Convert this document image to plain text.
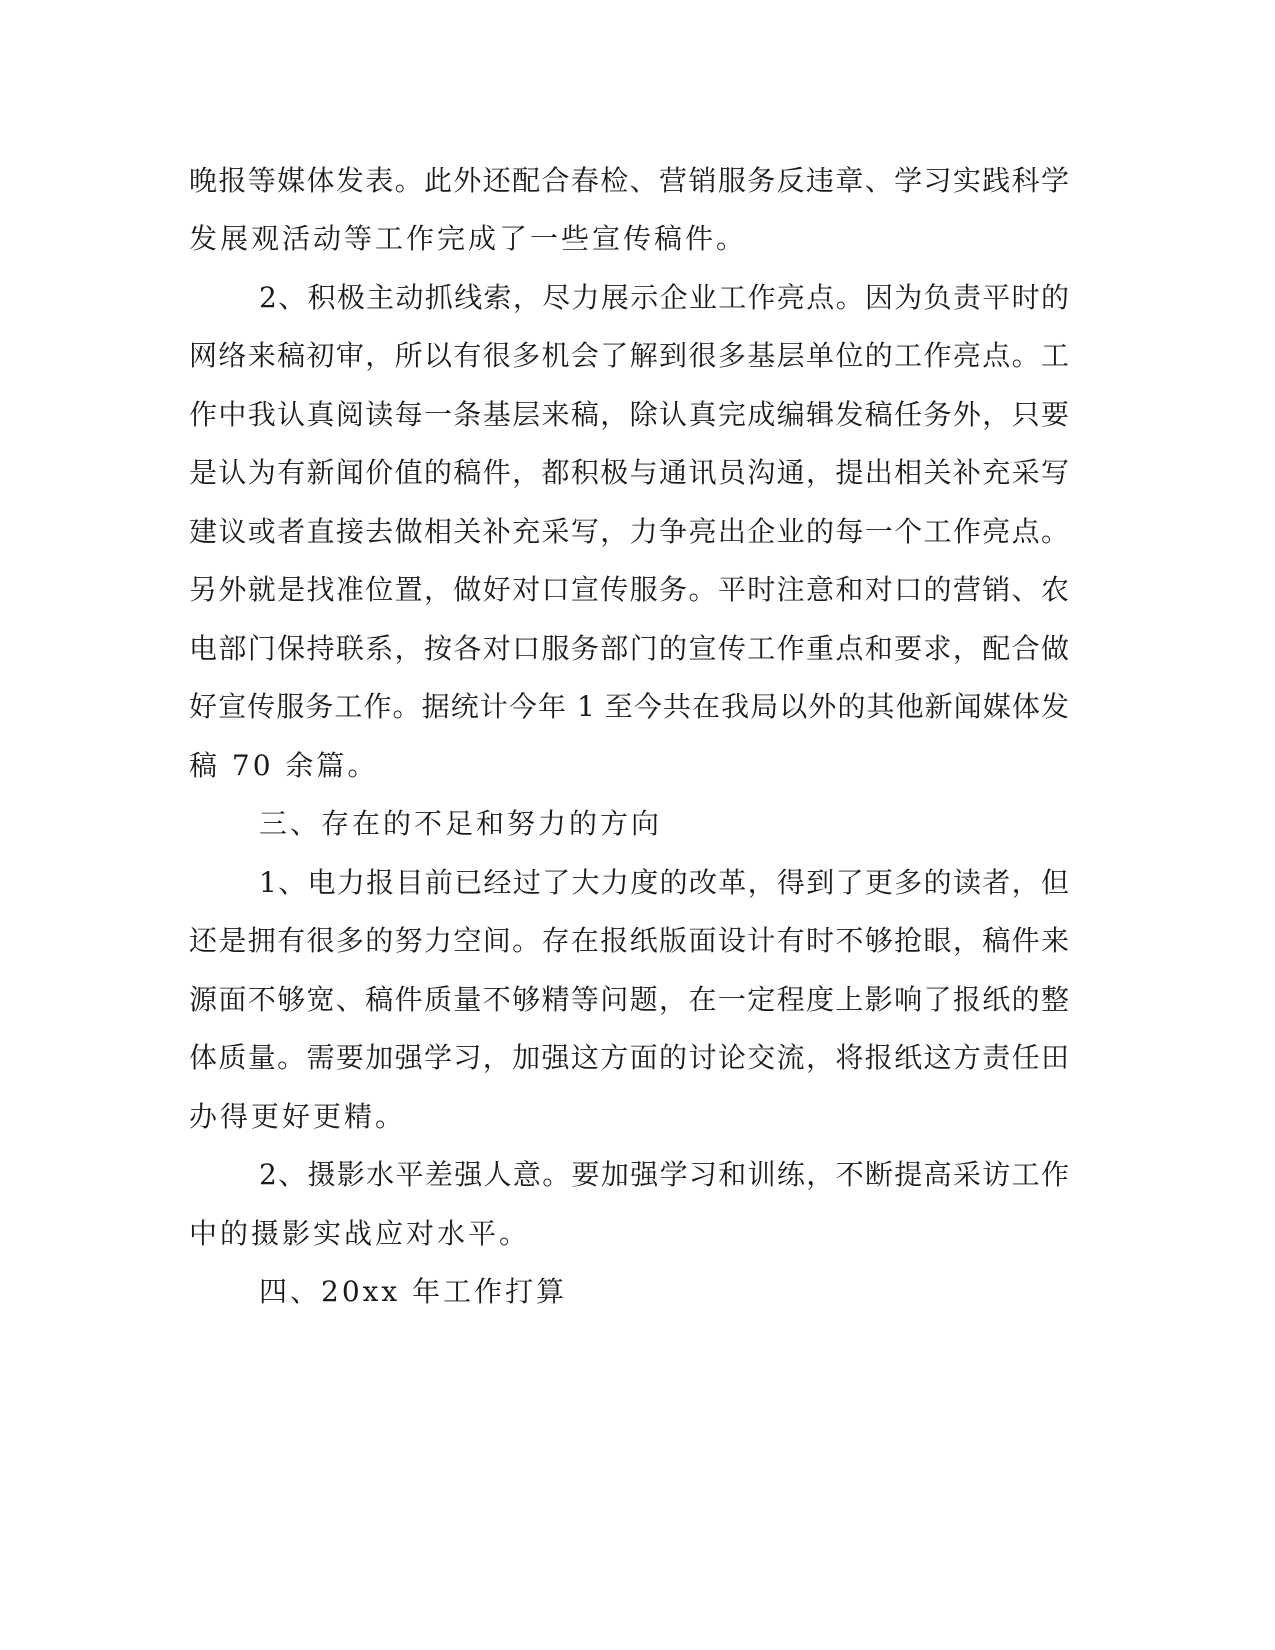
晚报等媒体发表。此外还配合春检、营销服务反违章、学习实践科学
发展观活动等工作完成了一些宣传稿件。
2、积极主动抓线索，尽力展示企业工作亮点。因为负责平时的
网络来稿初审，所以有很多机会了解到很多基层单位的工作亮点。工
作中我认真阅读每一条基层来稿，除认真完成编辑发稿任务外，只要
是认为有新闻价值的稿件，都积极与通讯员沟通，提出相关补充采写
建议或者直接去做相关补充采写，力争亮出企业的每一个工作亮点。
另外就是找准位置，做好对口宣传服务。平时注意和对口的营销、农
电部门保持联系，按各对口服务部门的宣传工作重点和要求，配合做
好宣传服务工作。据统计今年 1 至今共在我局以外的其他新闻媒体发
稿 70 余篇。
三、存在的不足和努力的方向
1、电力报目前已经过了大力度的改革，得到了更多的读者，但
还是拥有很多的努力空间。存在报纸版面设计有时不够抢眼，稿件来
源面不够宽、稿件质量不够精等问题，在一定程度上影响了报纸的整
体质量。需要加强学习，加强这方面的讨论交流，将报纸这方责任田
办得更好更精。
2、摄影水平差强人意。要加强学习和训练，不断提高采访工作
中的摄影实战应对水平。
四、20xx 年工作打算
